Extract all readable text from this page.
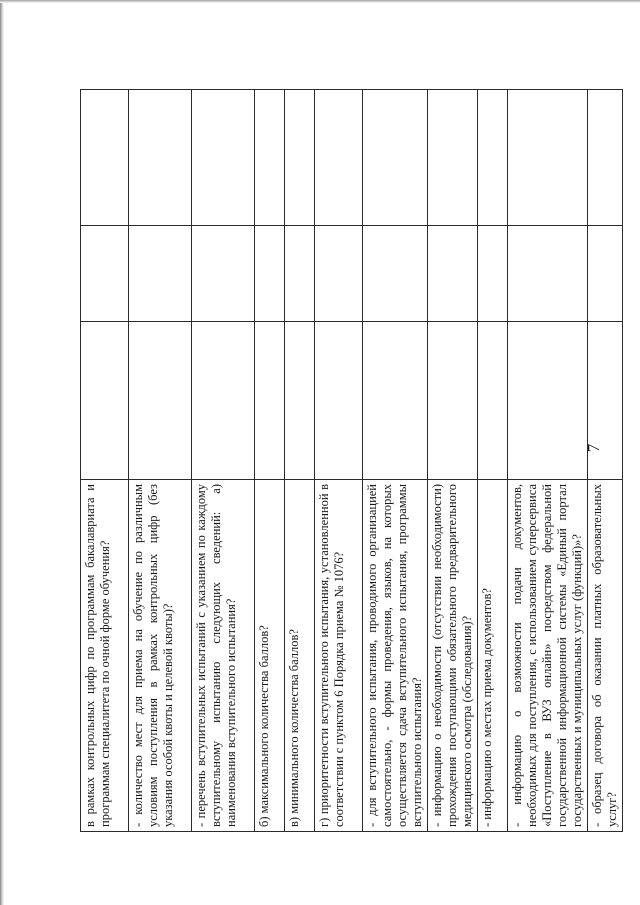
7
в рамках контрольных цифр по программам бакалавриата и программам специалитета по очной форме обучения?			
- количество мест для приема на обучение по различным условиям поступления в рамках контрольных цифр (без указания особой квоты и целевой квоты)?			
- перечень вступительных испытаний с указанием по каждому вступительному испытанию следующих сведений: а) наименования вступительного испытания?			
б) максимального количества баллов?			
в) минимального количества баллов?			
г) приоритетности вступительного испытания, установленной в соответствии с пунктом 6 Порядка приема № 1076?			
- для вступительного испытания, проводимого организацией самостоятельно, - формы проведения, языков, на которых осуществляется сдача вступительного испытания, программы вступительного испытания?			
- информацию о необходимости (отсутствии необходимости) прохождения поступающими обязательного предварительного медицинского осмотра (обследования)?			
- информацию о местах приема документов?			
- информацию о возможности подачи документов, необходимых для поступления, с использованием суперсервиса «Поступление в ВУЗ онлайн» посредством федеральной государственной информационной системы «Единый портал государственных и муниципальных услуг (функций)»?			
- образец договора об оказании платных образовательных услуг?			
